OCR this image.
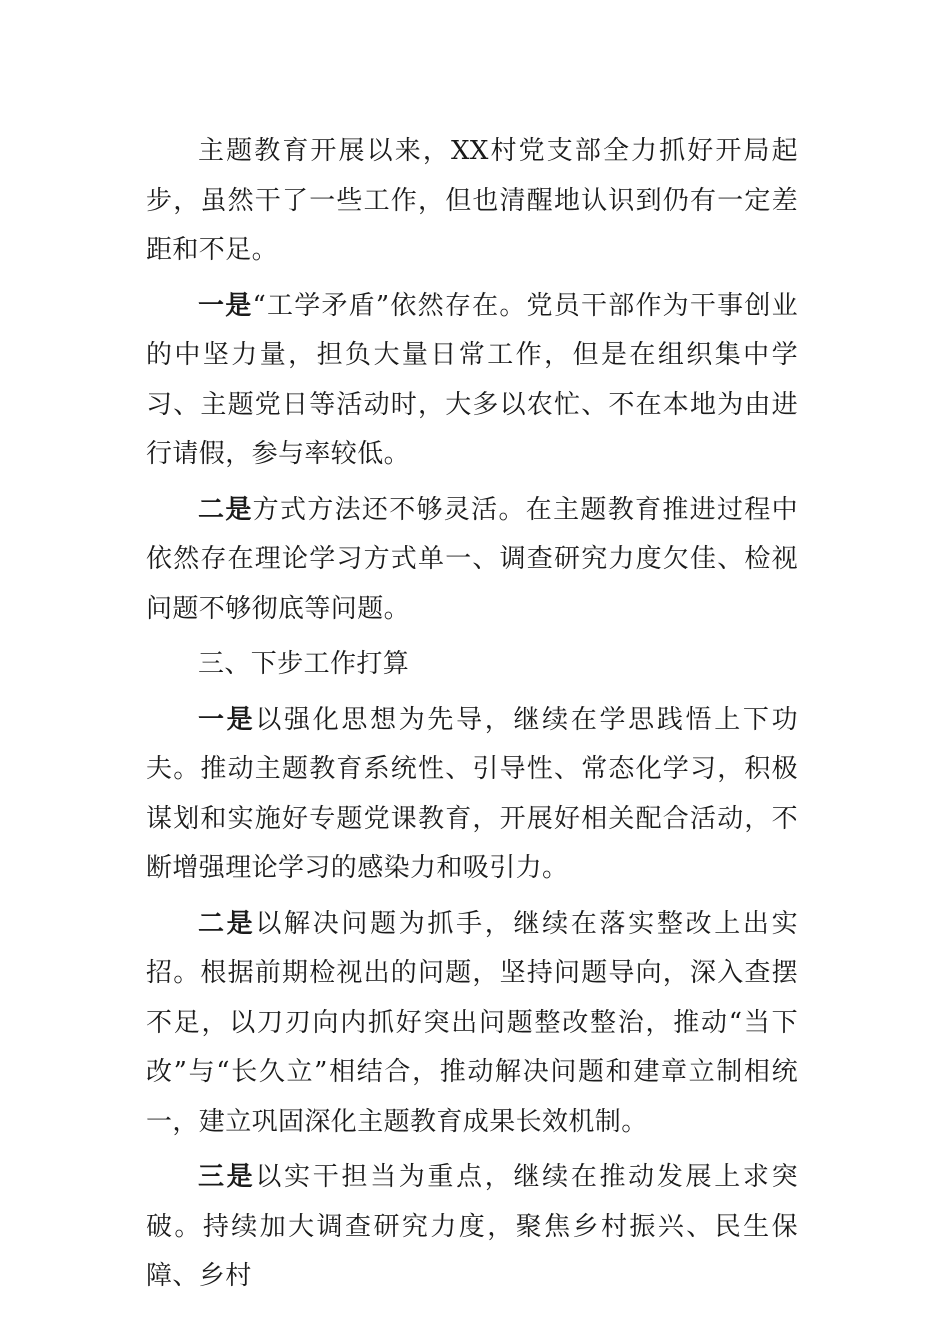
主题教育开展以来，XX村党支部全力抓好开局起步，虽然干了一些工作，但也清醒地认识到仍有一定差距和不足。

一是“工学矛盾”依然存在。党员干部作为干事创业的中坚力量，担负大量日常工作，但是在组织集中学习、主题党日等活动时，大多以农忙、不在本地为由进行请假，参与率较低。

二是方式方法还不够灵活。在主题教育推进过程中依然存在理论学习方式单一、调查研究力度欠佳、检视问题不够彻底等问题。

三、下步工作打算

一是以强化思想为先导，继续在学思践悟上下功夫。推动主题教育系统性、引导性、常态化学习，积极谋划和实施好专题党课教育，开展好相关配合活动，不断增强理论学习的感染力和吸引力。

二是以解决问题为抓手，继续在落实整改上出实招。根据前期检视出的问题，坚持问题导向，深入查摆不足，以刀刃向内抓好突出问题整改整治，推动“当下改”与“长久立”相结合，推动解决问题和建章立制相统一，建立巩固深化主题教育成果长效机制。

三是以实干担当为重点，继续在推动发展上求突破。持续加大调查研究力度，聚焦乡村振兴、民生保障、乡村
